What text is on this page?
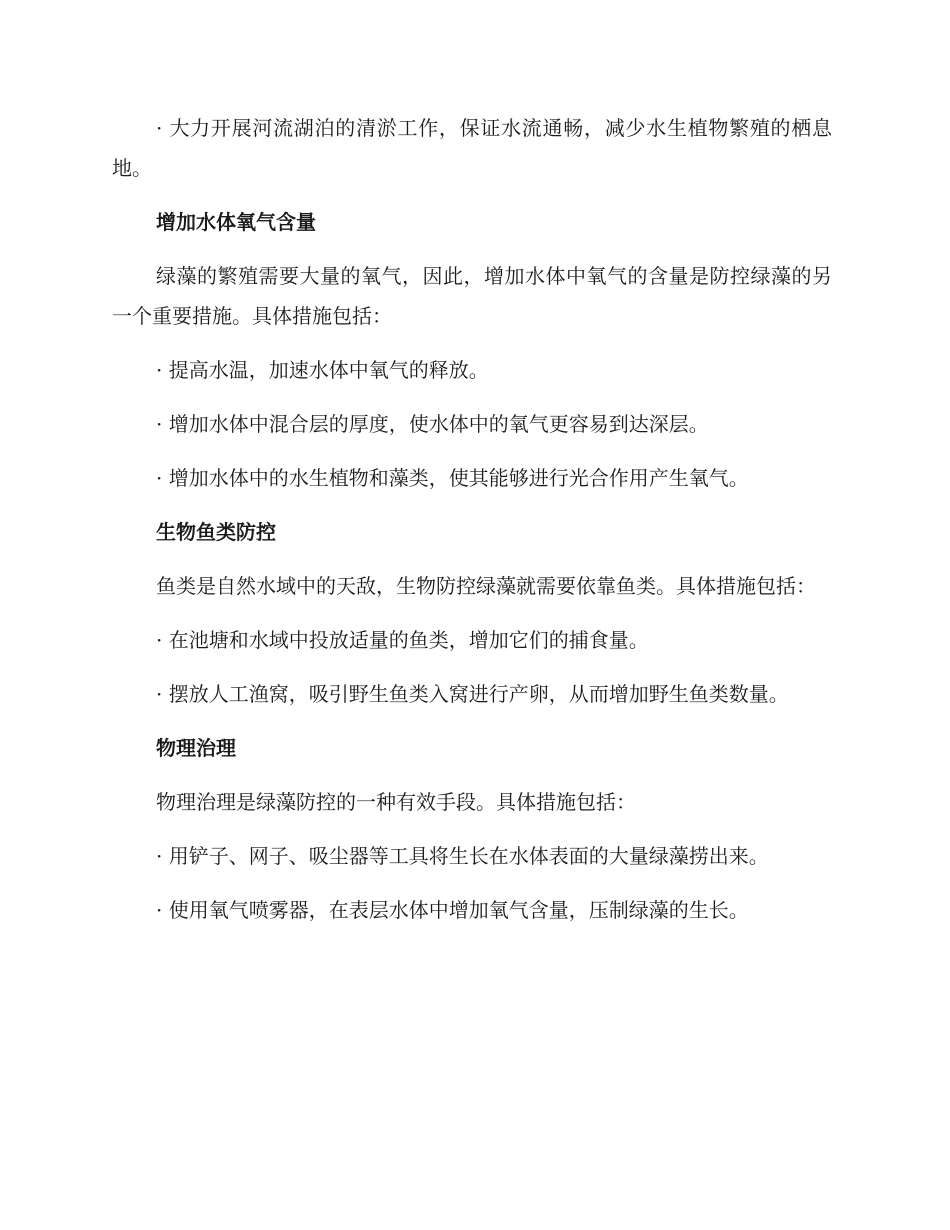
· 大力开展河流湖泊的清淤工作，保证水流通畅，减少水生植物繁殖的栖息地。

增加水体氧气含量

绿藻的繁殖需要大量的氧气，因此，增加水体中氧气的含量是防控绿藻的另一个重要措施。具体措施包括：

· 提高水温，加速水体中氧气的释放。

· 增加水体中混合层的厚度，使水体中的氧气更容易到达深层。

· 增加水体中的水生植物和藻类，使其能够进行光合作用产生氧气。

生物鱼类防控

鱼类是自然水域中的天敌，生物防控绿藻就需要依靠鱼类。具体措施包括：

· 在池塘和水域中投放适量的鱼类，增加它们的捕食量。

· 摆放人工渔窝，吸引野生鱼类入窝进行产卵，从而增加野生鱼类数量。

物理治理

物理治理是绿藻防控的一种有效手段。具体措施包括：

· 用铲子、网子、吸尘器等工具将生长在水体表面的大量绿藻捞出来。

· 使用氧气喷雾器，在表层水体中增加氧气含量，压制绿藻的生长。
